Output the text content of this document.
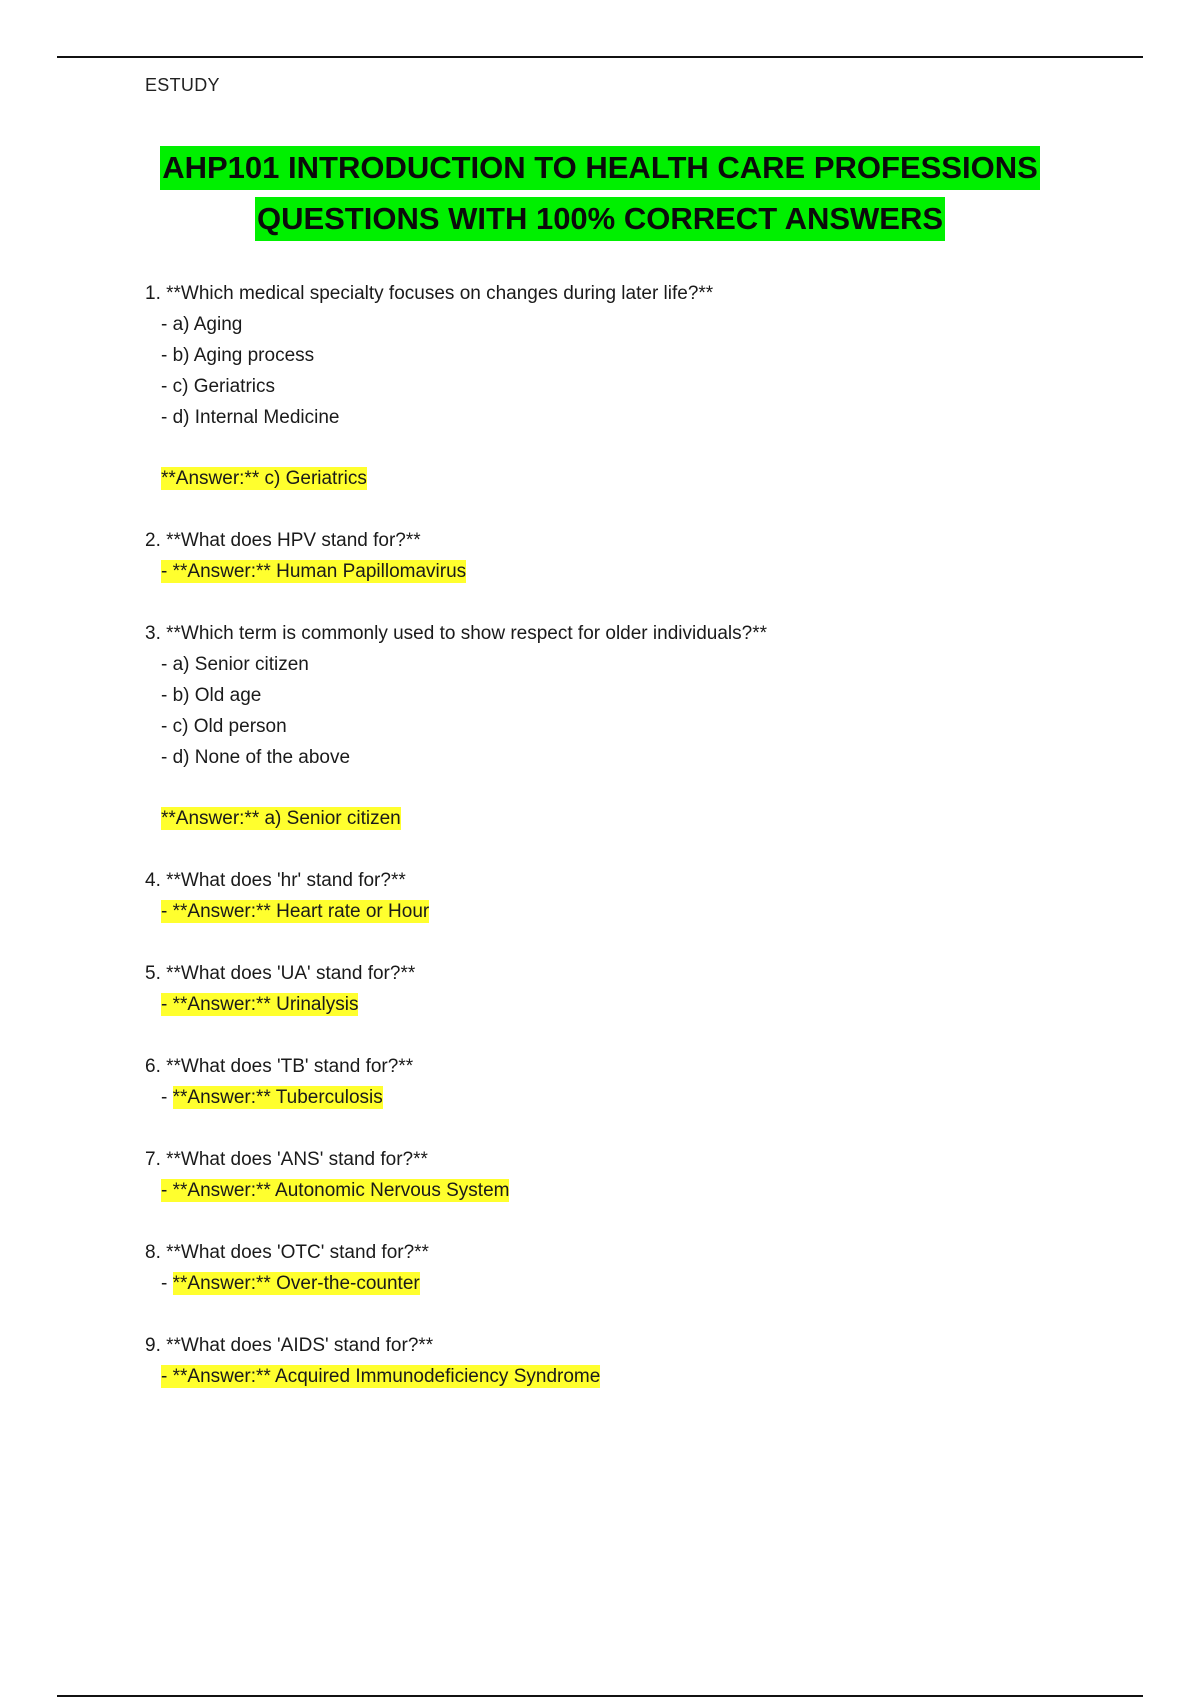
ESTUDY
AHP101 INTRODUCTION TO HEALTH CARE PROFESSIONS
QUESTIONS WITH 100% CORRECT ANSWERS
1. **Which medical specialty focuses on changes during later life?**
- a) Aging
- b) Aging process
- c) Geriatrics
- d) Internal Medicine
**Answer:** c) Geriatrics
2. **What does HPV stand for?**
- **Answer:** Human Papillomavirus
3. **Which term is commonly used to show respect for older individuals?**
- a) Senior citizen
- b) Old age
- c) Old person
- d) None of the above
**Answer:** a) Senior citizen
4. **What does 'hr' stand for?**
- **Answer:** Heart rate or Hour
5. **What does 'UA' stand for?**
- **Answer:** Urinalysis
6. **What does 'TB' stand for?**
- **Answer:** Tuberculosis
7. **What does 'ANS' stand for?**
- **Answer:** Autonomic Nervous System
8. **What does 'OTC' stand for?**
- **Answer:** Over-the-counter
9. **What does 'AIDS' stand for?**
- **Answer:** Acquired Immunodeficiency Syndrome
